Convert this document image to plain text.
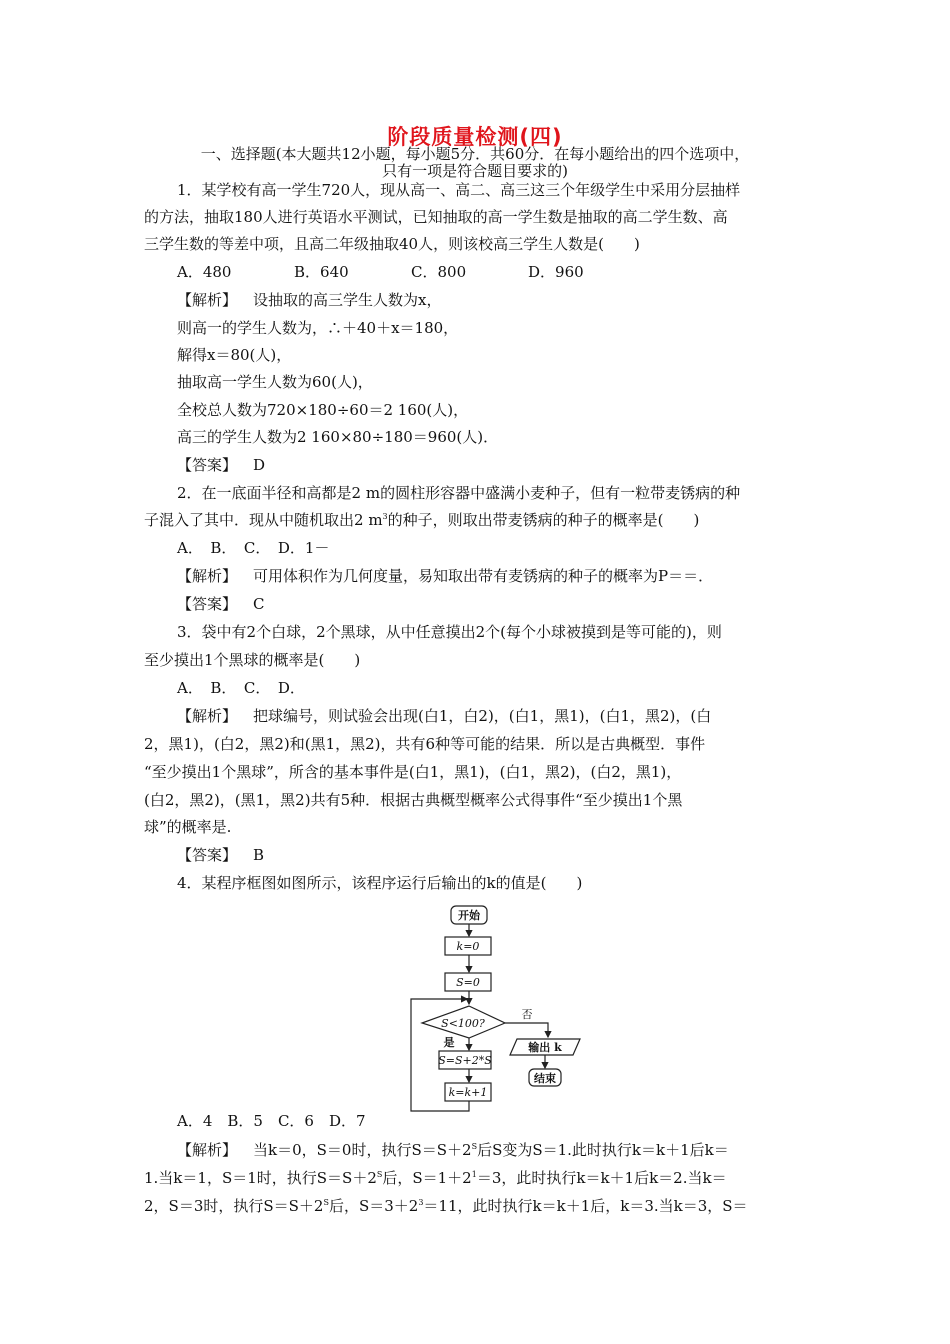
阶段质量检测(四)
一、选择题(本大题共12小题，每小题5分．共60分．在每小题给出的四个选项中，
只有一项是符合题目要求的)
1．某学校有高一学生720人，现从高一、高二、高三这三个年级学生中采用分层抽样
的方法，抽取180人进行英语水平测试，已知抽取的高一学生数是抽取的高二学生数、高
三学生数的等差中项，且高二年级抽取40人，则该校高三学生人数是(　　)
A．480	B．640	C．800	D．960
【解析】 设抽取的高三学生人数为x，
则高一的学生人数为，∴＋40＋x＝180，
解得x＝80(人)，
抽取高一学生人数为60(人)，
全校总人数为720×180÷60＝2 160(人)，
高三的学生人数为2 160×80÷180＝960(人)．
【答案】 D
2．在一底面半径和高都是2 m的圆柱形容器中盛满小麦种子，但有一粒带麦锈病的种
子混入了其中．现从中随机取出2 $m^3$的种子，则取出带麦锈病的种子的概率是(　　)
A．　B．　C．　D．1－
【解析】 可用体积作为几何度量，易知取出带有麦锈病的种子的概率为P＝＝．
【答案】 C
3．袋中有2个白球，2个黑球，从中任意摸出2个(每个小球被摸到是等可能的)，则
至少摸出1个黑球的概率是(　　)
A．　B．　C．　D．
【解析】 把球编号，则试验会出现(白1，白2)，(白1，黑1)，(白1，黑2)，(白
2，黑1)，(白2，黑2)和(黑1，黑2)，共有6种等可能的结果．所以是古典概型．事件
“至少摸出1个黑球”，所含的基本事件是(白1，黑1)，(白1，黑2)，(白2，黑1)，
(白2，黑2)，(黑1，黑2)共有5种．根据古典概型概率公式得事件“至少摸出1个黑
球”的概率是.
【答案】 B
4．某程序框图如图所示，该程序运行后输出的k的值是(　　)
开始
k=0
S=0
S<100?
是
否
S=S+2*S
k=k+1
输出 k
结束
A．4　B．5　C．6　D．7
【解析】 当k＝0，S＝0时，执行$S=S+2^S$后S变为S＝1.此时执行k＝k＋1后k＝
1.当k＝1，S＝1时，执行$S=S+2^S$后，$S=1+2^1=3$，此时执行k＝k＋1后k＝2.当k＝
2，S＝3时，执行$S=S+2^S$后，$S=3+2^3=11$，此时执行k＝k＋1后，k＝3.当k＝3，S＝
